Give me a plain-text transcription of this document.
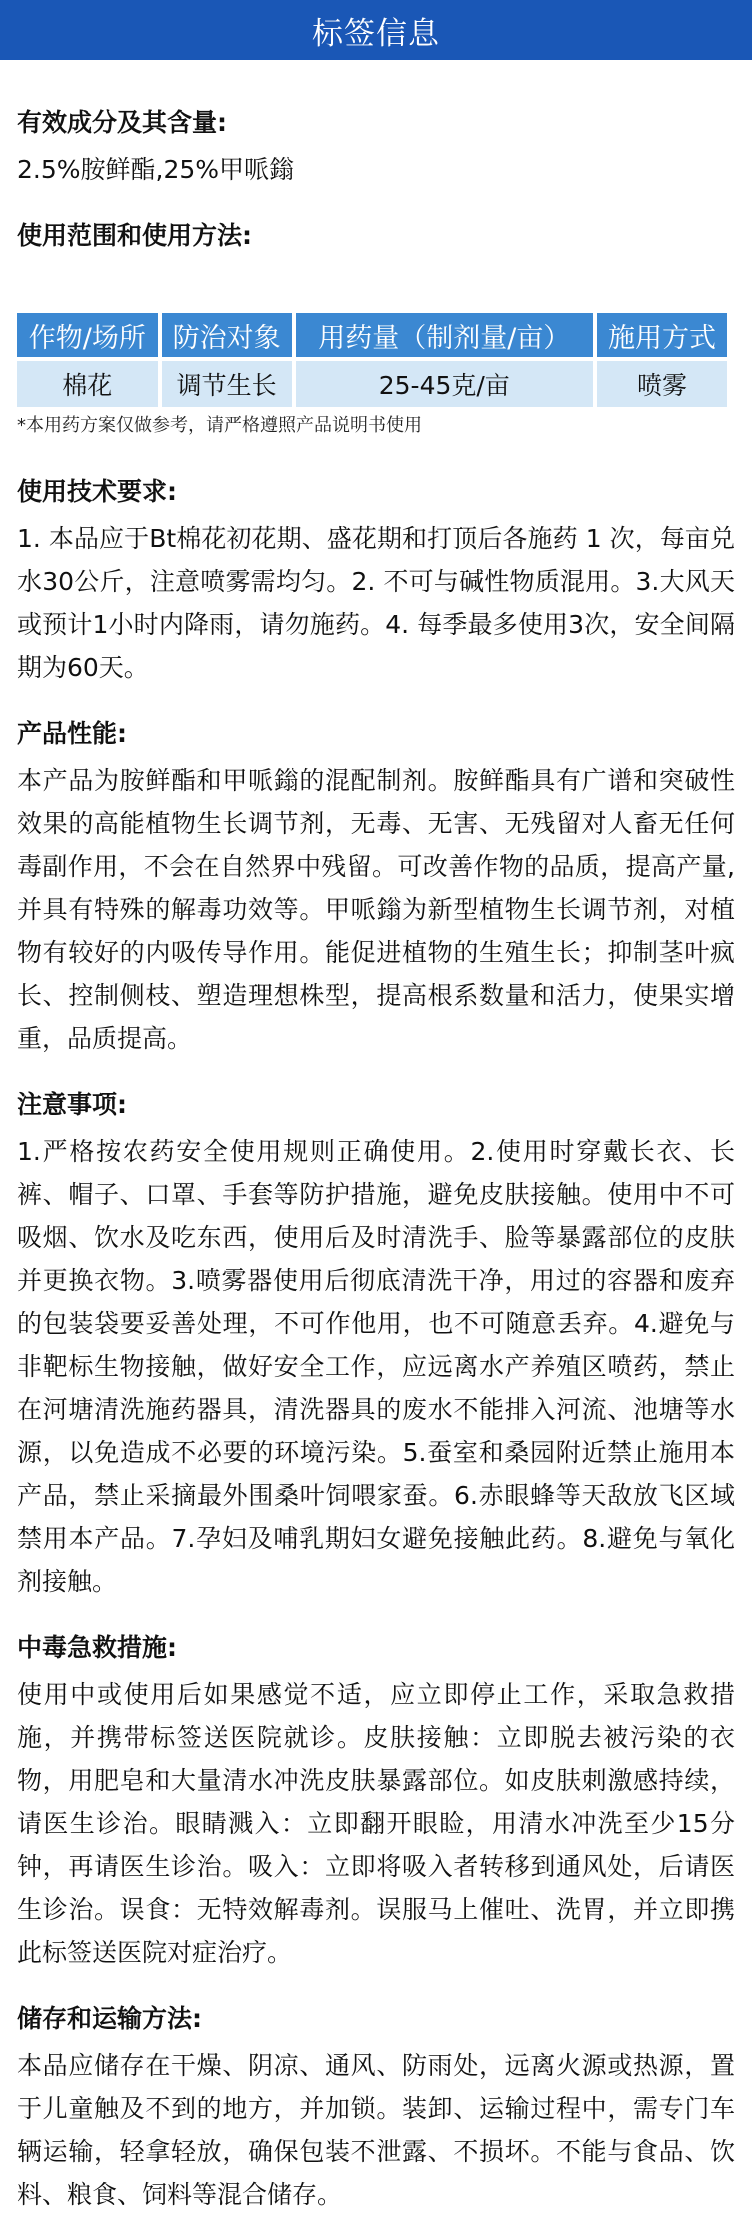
标签信息
有效成分及其含量:

2.5%胺鲜酯,25%甲哌鎓

使用范围和使用方法:
作物/场所	防治对象	用药量（制剂量/亩）	施用方式
棉花	调节生长	25-45克/亩	喷雾
*本用药方案仅做参考，请严格遵照产品说明书使用
使用技术要求:

1. 本品应于Bt棉花初花期、盛花期和打顶后各施药 1 次，每亩兑水30公斤，注意喷雾需均匀。2. 不可与碱性物质混用。3.大风天或预计1小时内降雨，请勿施药。4. 每季最多使用3次，安全间隔期为60天。

产品性能:

本产品为胺鲜酯和甲哌鎓的混配制剂。胺鲜酯具有广谱和突破性效果的高能植物生长调节剂，无毒、无害、无残留对人畜无任何毒副作用，不会在自然界中残留。可改善作物的品质，提高产量,并具有特殊的解毒功效等。甲哌鎓为新型植物生长调节剂，对植物有较好的内吸传导作用。能促进植物的生殖生长；抑制茎叶疯长、控制侧枝、塑造理想株型，提高根系数量和活力，使果实增重，品质提高。

注意事项:

1.严格按农药安全使用规则正确使用。2.使用时穿戴长衣、长裤、帽子、口罩、手套等防护措施，避免皮肤接触。使用中不可吸烟、饮水及吃东西，使用后及时清洗手、脸等暴露部位的皮肤并更换衣物。3.喷雾器使用后彻底清洗干净，用过的容器和废弃的包装袋要妥善处理，不可作他用，也不可随意丢弃。4.避免与非靶标生物接触，做好安全工作，应远离水产养殖区喷药，禁止在河塘清洗施药器具，清洗器具的废水不能排入河流、池塘等水源，以免造成不必要的环境污染。5.蚕室和桑园附近禁止施用本产品，禁止采摘最外围桑叶饲喂家蚕。6.赤眼蜂等天敌放飞区域禁用本产品。7.孕妇及哺乳期妇女避免接触此药。8.避免与氧化剂接触。

中毒急救措施:

使用中或使用后如果感觉不适，应立即停止工作，采取急救措施，并携带标签送医院就诊。皮肤接触：立即脱去被污染的衣物，用肥皂和大量清水冲洗皮肤暴露部位。如皮肤刺激感持续，请医生诊治。眼睛溅入：立即翻开眼睑，用清水冲洗至少15分钟，再请医生诊治。吸入：立即将吸入者转移到通风处，后请医生诊治。误食：无特效解毒剂。误服马上催吐、洗胃，并立即携此标签送医院对症治疗。

储存和运输方法:

本品应储存在干燥、阴凉、通风、防雨处，远离火源或热源，置于儿童触及不到的地方，并加锁。装卸、运输过程中，需专门车辆运输，轻拿轻放，确保包装不泄露、不损坏。不能与食品、饮料、粮食、饲料等混合储存。
